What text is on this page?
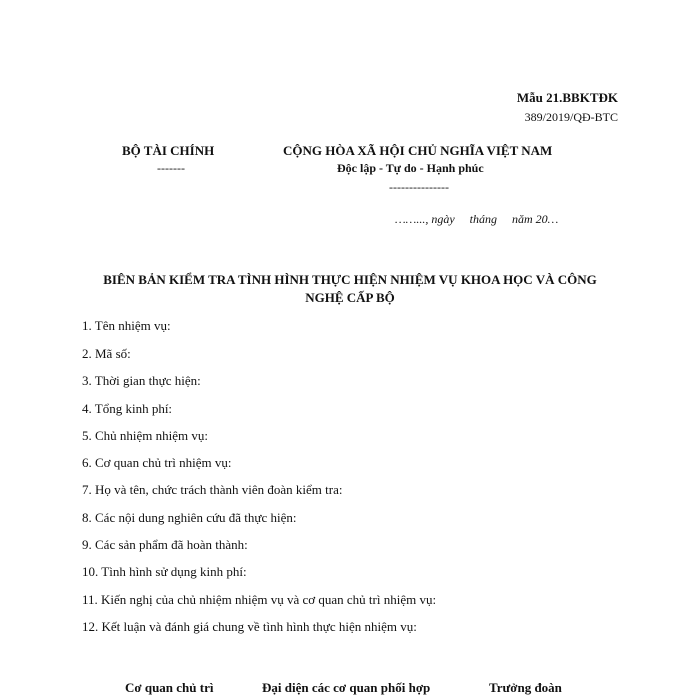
Mẫu 21.BBKTĐK
389/2019/QĐ-BTC
BỘ TÀI CHÍNH
-------
CỘNG HÒA XÃ HỘI CHỦ NGHĨA VIỆT NAM
Độc lập - Tự do - Hạnh phúc
---------------
……..., ngày     tháng     năm 20…
BIÊN BẢN KIỂM TRA TÌNH HÌNH THỰC HIỆN NHIỆM VỤ KHOA HỌC VÀ CÔNG
NGHỆ CẤP BỘ
1. Tên nhiệm vụ:
2. Mã số:
3. Thời gian thực hiện:
4. Tổng kinh phí:
5. Chủ nhiệm nhiệm vụ:
6. Cơ quan chủ trì nhiệm vụ:
7. Họ và tên, chức trách thành viên đoàn kiểm tra:
8. Các nội dung nghiên cứu đã thực hiện:
9. Các sản phẩm đã hoàn thành:
10. Tình hình sử dụng kinh phí:
11. Kiến nghị của chủ nhiệm nhiệm vụ và cơ quan chủ trì nhiệm vụ:
12. Kết luận và đánh giá chung về tình hình thực hiện nhiệm vụ:
Cơ quan chủ trì	Đại diện các cơ quan phối hợp	Trưởng đoàn
